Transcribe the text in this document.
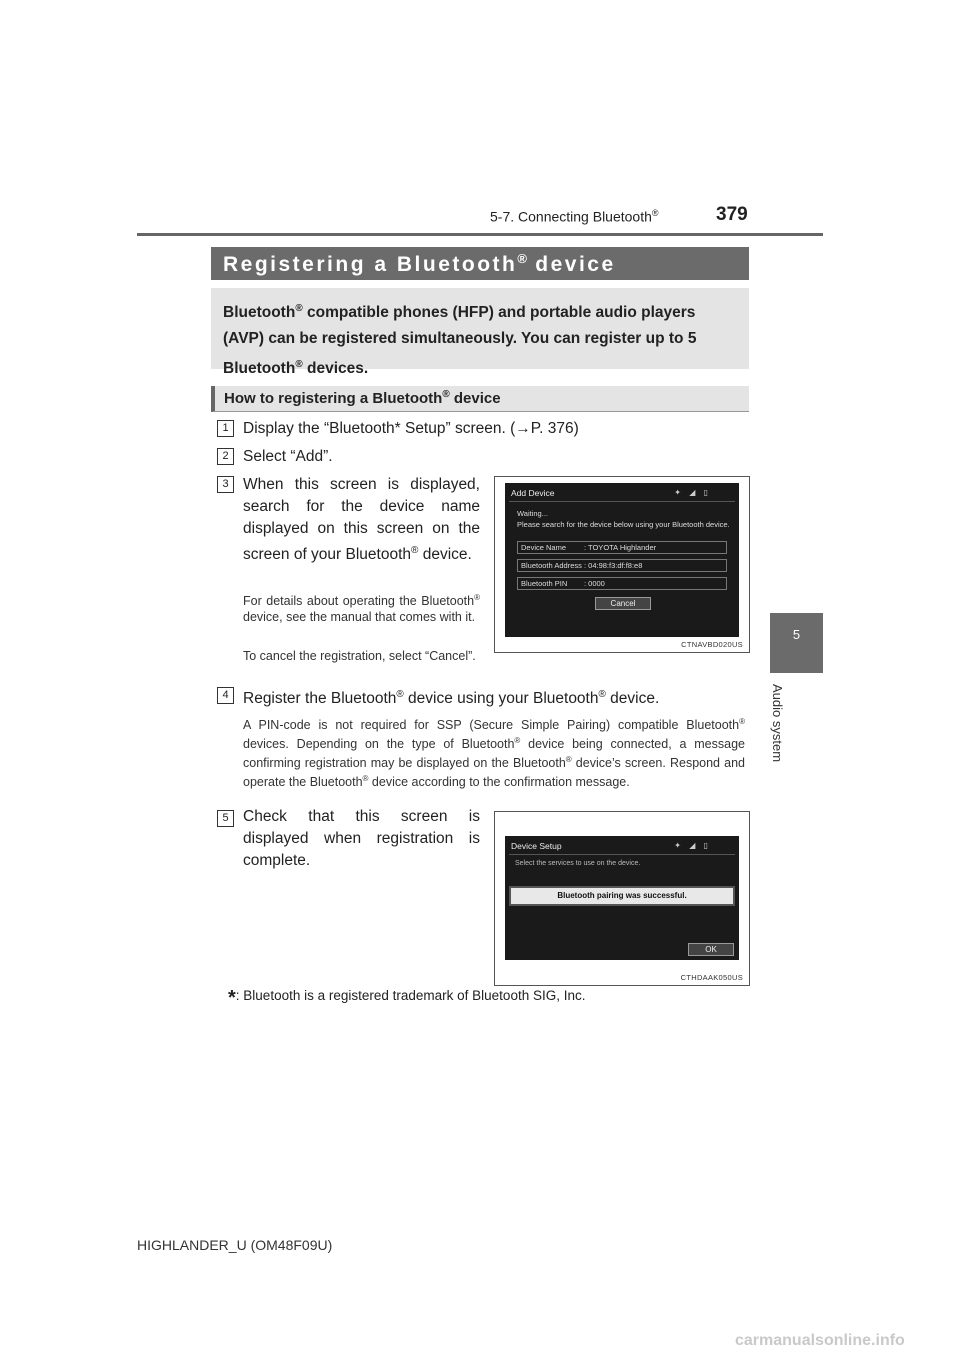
379
5-7. Connecting Bluetooth®
5
Audio system
Registering a Bluetooth® device
Bluetooth® compatible phones (HFP) and portable audio players (AVP) can be registered simultaneously. You can register up to 5 Bluetooth® devices.
How to registering a Bluetooth® device
1 Display the “Bluetooth* Setup” screen. (→P. 376)
2 Select “Add”.
3 When this screen is displayed, search for the device name displayed on this screen on the screen of your Bluetooth® device.
For details about operating the Bluetooth® device, see the manual that comes with it.
To cancel the registration, select “Cancel”.
Add Device	✦ ◢ ▯
Waiting...
Please search for the device below using your Bluetooth device.
Device Name : TOYOTA Highlander
Bluetooth Address : 04:98:f3:df:f8:e8
Bluetooth PIN : 0000
Cancel
CTNAVBD020US
4 Register the Bluetooth® device using your Bluetooth® device.
A PIN-code is not required for SSP (Secure Simple Pairing) compatible Bluetooth® devices. Depending on the type of Bluetooth® device being connected, a message confirming registration may be displayed on the Bluetooth® device’s screen. Respond and operate the Bluetooth® device according to the confirmation message.
5 Check that this screen is displayed when registration is complete.
Device Setup	✦ ◢ ▯
Select the services to use on the device.
Bluetooth pairing was successful.
OK
CTHDAAK050US
*: Bluetooth is a registered trademark of Bluetooth SIG, Inc.
HIGHLANDER_U (OM48F09U)
carmanualsonline.info
